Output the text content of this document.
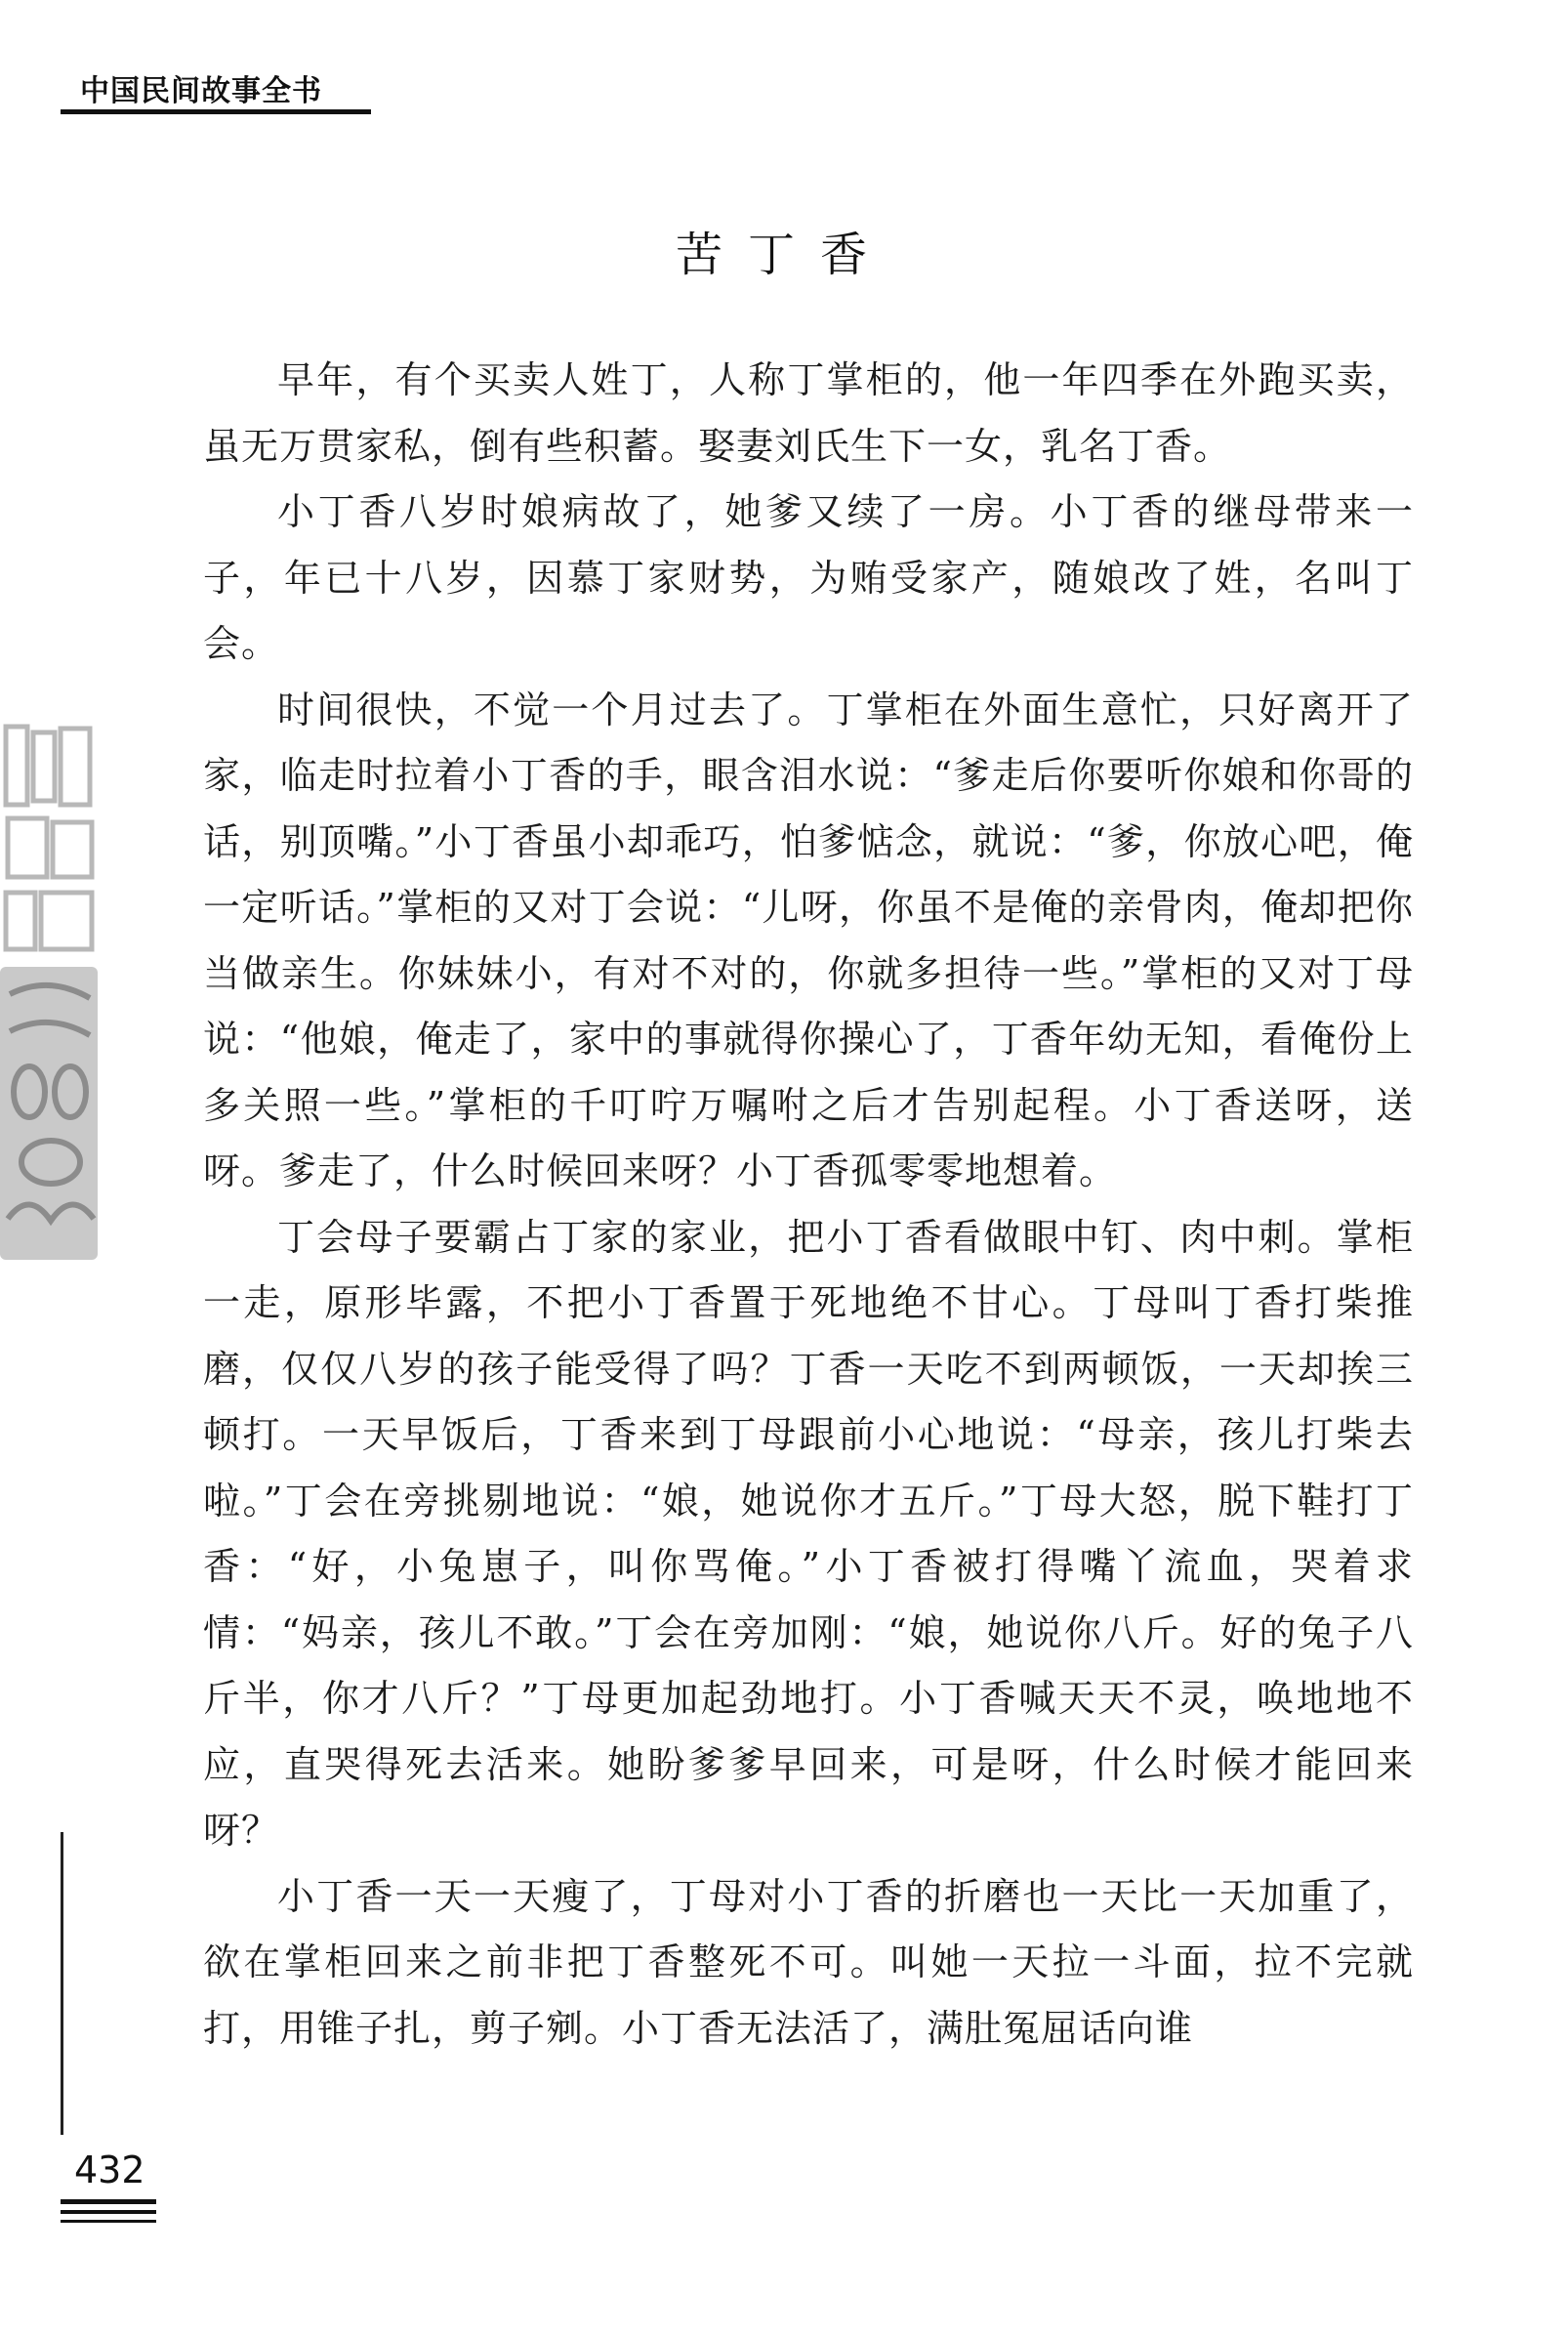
中国民间故事全书
苦丁香

早年，有个买卖人姓丁，人称丁掌柜的，他一年四季在外跑买卖，虽无万贯家私，倒有些积蓄。娶妻刘氏生下一女，乳名丁香。

小丁香八岁时娘病故了，她爹又续了一房。小丁香的继母带来一子，年已十八岁，因慕丁家财势，为贿受家产，随娘改了姓，名叫丁会。

时间很快，不觉一个月过去了。丁掌柜在外面生意忙，只好离开了家，临走时拉着小丁香的手，眼含泪水说：“爹走后你要听你娘和你哥的话，别顶嘴。”小丁香虽小却乖巧，怕爹惦念，就说：“爹，你放心吧，俺一定听话。”掌柜的又对丁会说：“儿呀，你虽不是俺的亲骨肉，俺却把你当做亲生。你妹妹小，有对不对的，你就多担待一些。”掌柜的又对丁母说：“他娘，俺走了，家中的事就得你操心了，丁香年幼无知，看俺份上多关照一些。”掌柜的千叮咛万嘱咐之后才告别起程。小丁香送呀，送呀。爹走了，什么时候回来呀？小丁香孤零零地想着。

丁会母子要霸占丁家的家业，把小丁香看做眼中钉、肉中刺。掌柜一走，原形毕露，不把小丁香置于死地绝不甘心。丁母叫丁香打柴推磨，仅仅八岁的孩子能受得了吗？丁香一天吃不到两顿饭，一天却挨三顿打。一天早饭后，丁香来到丁母跟前小心地说：“母亲，孩儿打柴去啦。”丁会在旁挑剔地说：“娘，她说你才五斤。”丁母大怒，脱下鞋打丁香：“好，小兔崽子，叫你骂俺。”小丁香被打得嘴丫流血，哭着求情：“妈亲，孩儿不敢。”丁会在旁加刚：“娘，她说你八斤。好的兔子八斤半，你才八斤？”丁母更加起劲地打。小丁香喊天天不灵，唤地地不应，直哭得死去活来。她盼爹爹早回来，可是呀，什么时候才能回来呀？

小丁香一天一天瘦了，丁母对小丁香的折磨也一天比一天加重了，欲在掌柜回来之前非把丁香整死不可。叫她一天拉一斗面，拉不完就打，用锥子扎，剪子剜。小丁香无法活了，满肚冤屈话向谁

432
